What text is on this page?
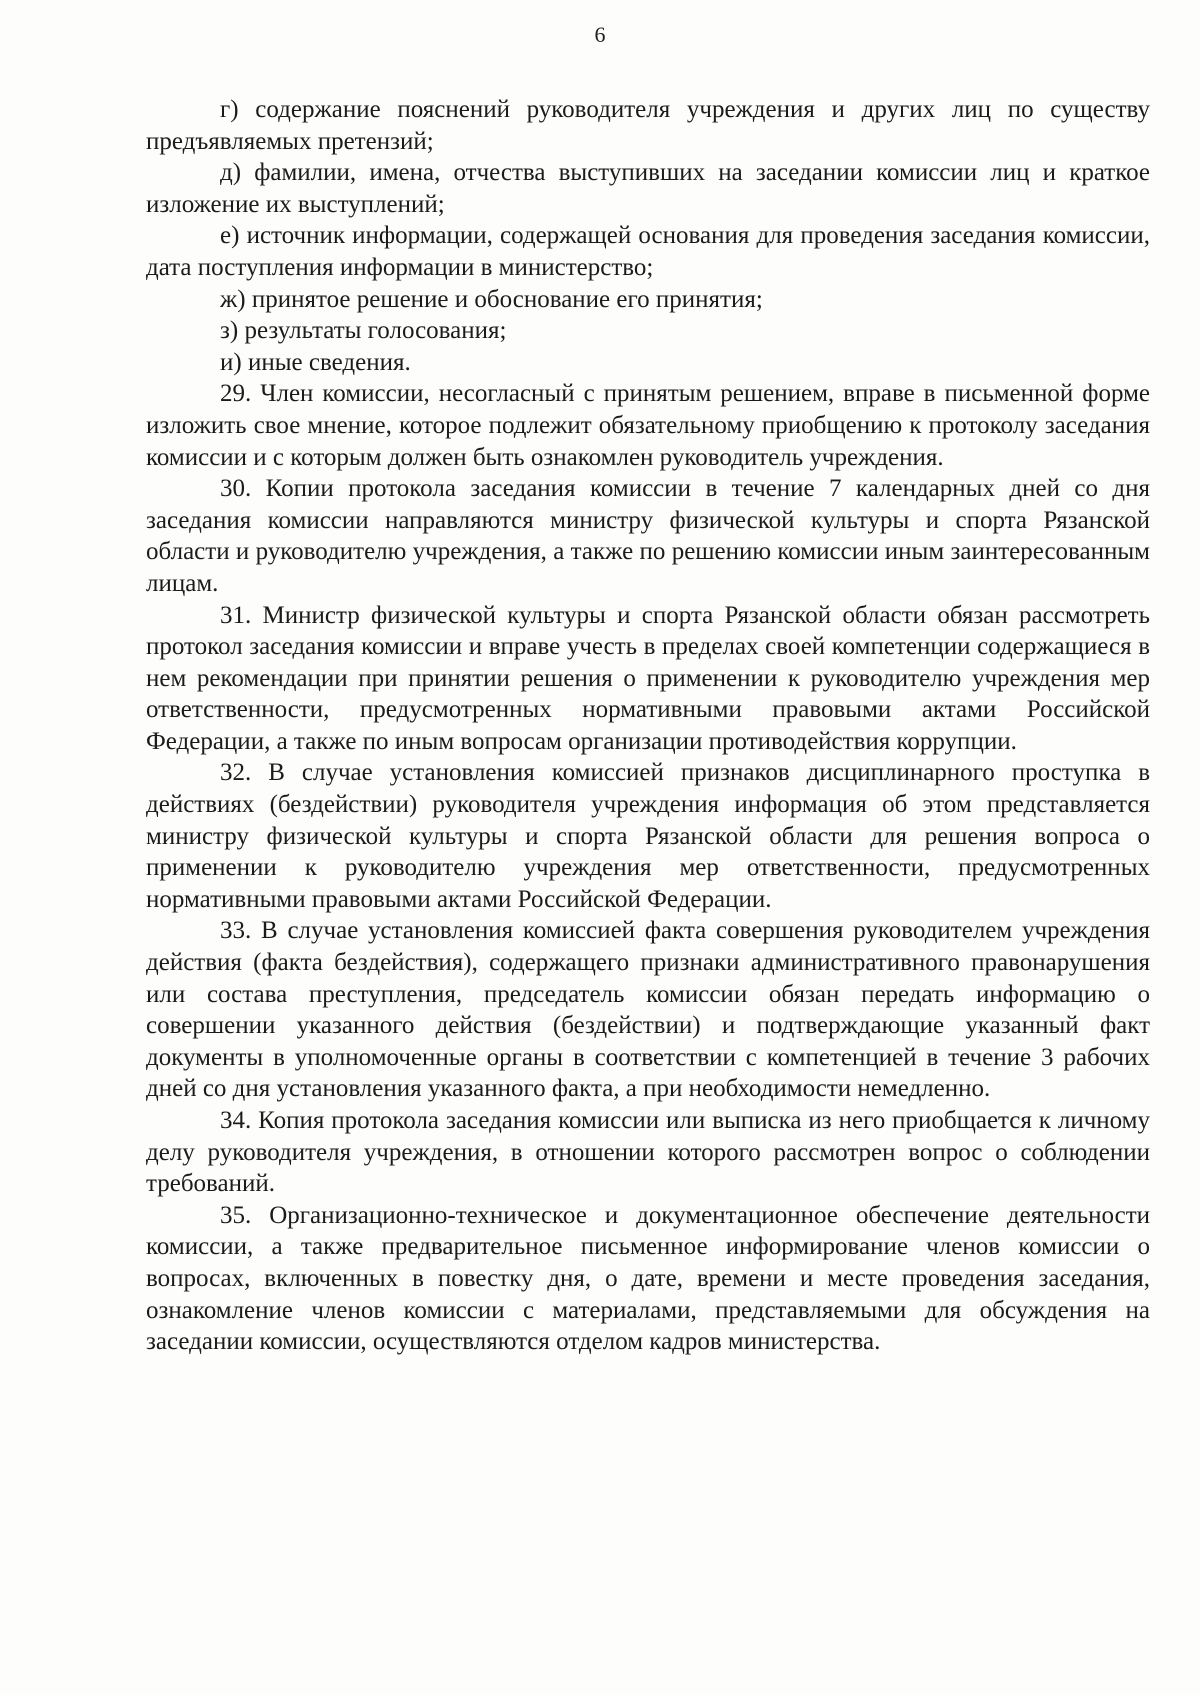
6

г) содержание пояснений руководителя учреждения и других лиц по существу предъявляемых претензий;

д) фамилии, имена, отчества выступивших на заседании комиссии лиц и краткое изложение их выступлений;

е) источник информации, содержащей основания для проведения заседания комиссии, дата поступления информации в министерство;

ж) принятое решение и обоснование его принятия;

з) результаты голосования;

и) иные сведения.

29. Член комиссии, несогласный с принятым решением, вправе в письменной форме изложить свое мнение, которое подлежит обязательному приобщению к протоколу заседания комиссии и с которым должен быть ознакомлен руководитель учреждения.

30. Копии протокола заседания комиссии в течение 7 календарных дней со дня заседания комиссии направляются министру физической культуры и спорта Рязанской области и руководителю учреждения, а также по решению комиссии иным заинтересованным лицам.

31. Министр физической культуры и спорта Рязанской области обязан рассмотреть протокол заседания комиссии и вправе учесть в пределах своей компетенции содержащиеся в нем рекомендации при принятии решения о применении к руководителю учреждения мер ответственности, предусмотренных нормативными правовыми актами Российской Федерации, а также по иным вопросам организации противодействия коррупции.

32. В случае установления комиссией признаков дисциплинарного проступка в действиях (бездействии) руководителя учреждения информация об этом представляется министру физической культуры и спорта Рязанской области для решения вопроса о применении к руководителю учреждения мер ответственности, предусмотренных нормативными правовыми актами Российской Федерации.

33. В случае установления комиссией факта совершения руководителем учреждения действия (факта бездействия), содержащего признаки административного правонарушения или состава преступления, председатель комиссии обязан передать информацию о совершении указанного действия (бездействии) и подтверждающие указанный факт документы в уполномоченные органы в соответствии с компетенцией в течение 3 рабочих дней со дня установления указанного факта, а при необходимости немедленно.

34. Копия протокола заседания комиссии или выписка из него приобщается к личному делу руководителя учреждения, в отношении которого рассмотрен вопрос о соблюдении требований.

35. Организационно-техническое и документационное обеспечение деятельности комиссии, а также предварительное письменное информирование членов комиссии о вопросах, включенных в повестку дня, о дате, времени и месте проведения заседания, ознакомление членов комиссии с материалами, представляемыми для обсуждения на заседании комиссии, осуществляются отделом кадров министерства.
